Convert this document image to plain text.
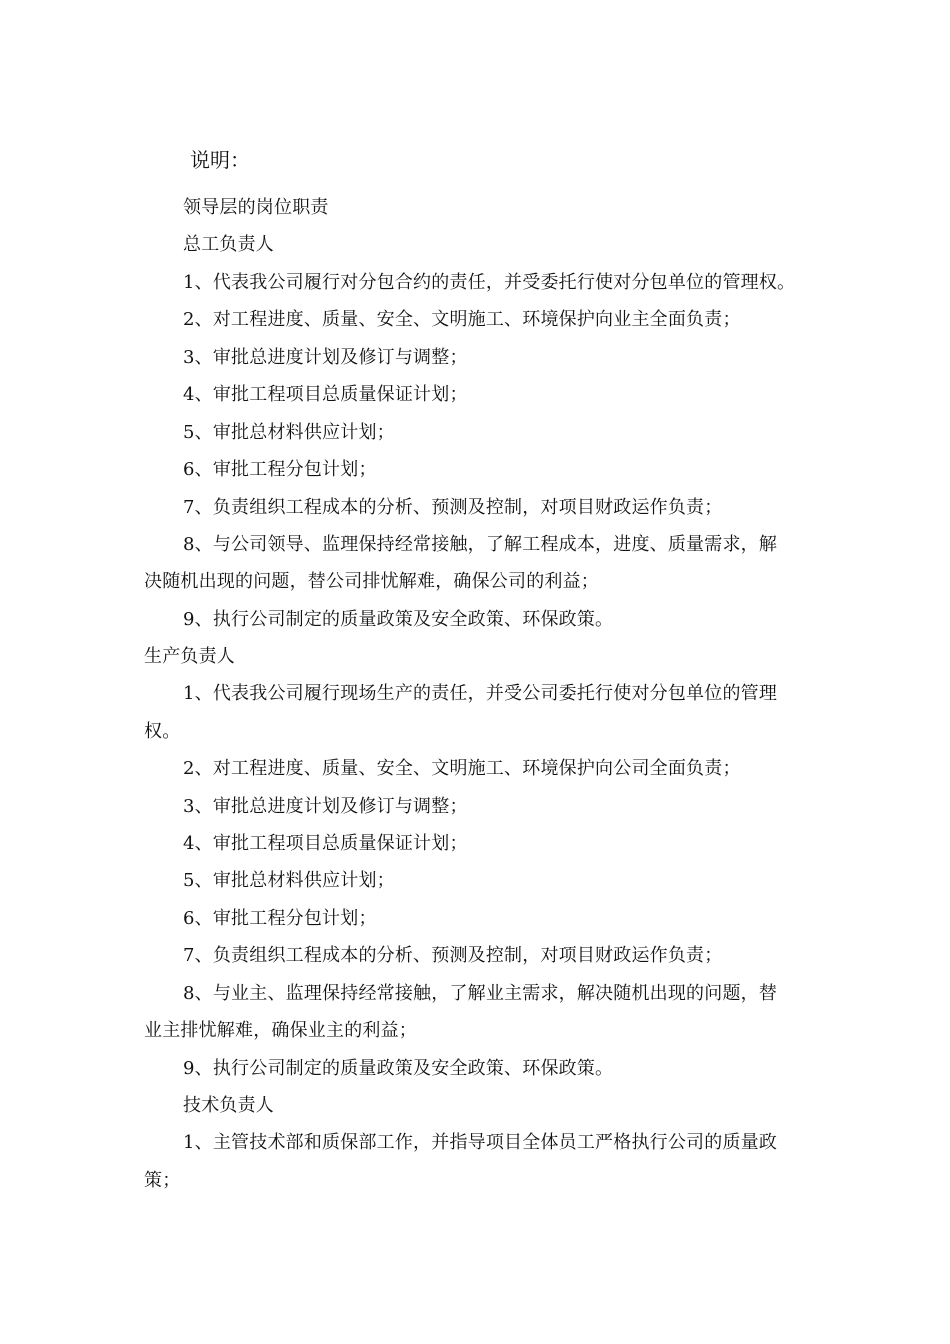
说明：
领导层的岗位职责
总工负责人
1、代表我公司履行对分包合约的责任，并受委托行使对分包单位的管理权。
2、对工程进度、质量、安全、文明施工、环境保护向业主全面负责；
3、审批总进度计划及修订与调整；
4、审批工程项目总质量保证计划；
5、审批总材料供应计划；
6、审批工程分包计划；
7、负责组织工程成本的分析、预测及控制，对项目财政运作负责；
8、与公司领导、监理保持经常接触，了解工程成本，进度、质量需求，解
决随机出现的问题，替公司排忧解难，确保公司的利益；
9、执行公司制定的质量政策及安全政策、环保政策。
生产负责人
1、代表我公司履行现场生产的责任，并受公司委托行使对分包单位的管理
权。
2、对工程进度、质量、安全、文明施工、环境保护向公司全面负责；
3、审批总进度计划及修订与调整；
4、审批工程项目总质量保证计划；
5、审批总材料供应计划；
6、审批工程分包计划；
7、负责组织工程成本的分析、预测及控制，对项目财政运作负责；
8、与业主、监理保持经常接触，了解业主需求，解决随机出现的问题，替
业主排忧解难，确保业主的利益；
9、执行公司制定的质量政策及安全政策、环保政策。
技术负责人
1、主管技术部和质保部工作，并指导项目全体员工严格执行公司的质量政
策；
